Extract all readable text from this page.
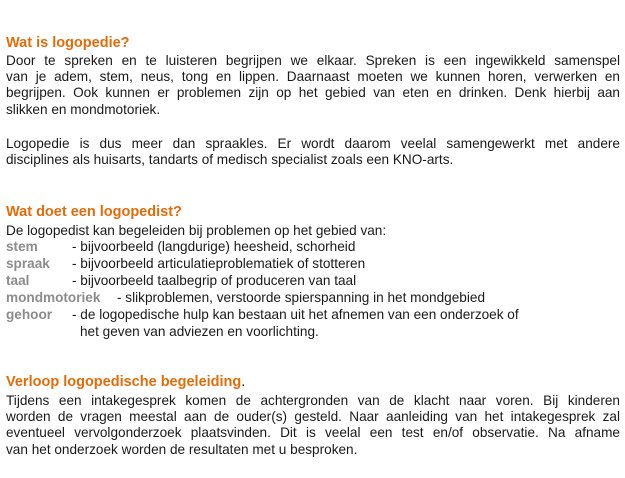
Wat is logopedie?
Door te spreken en te luisteren begrijpen we elkaar. Spreken is een ingewikkeld samenspel
van je adem, stem, neus, tong en lippen. Daarnaast moeten we kunnen horen, verwerken en
begrijpen. Ook kunnen er problemen zijn op het gebied van eten en drinken. Denk hierbij aan
slikken en mondmotoriek.
Logopedie is dus meer dan spraakles. Er wordt daarom veelal samengewerkt met andere
disciplines als huisarts, tandarts of medisch specialist zoals een KNO-arts.
Wat doet een logopedist?

De logopedist kan begeleiden bij problemen op het gebied van:

stem	- bijvoorbeeld (langdurige) heesheid, schorheid
spraak - bijvoorbeeld articulatieproblematiek of stotteren
taal	- bijvoorbeeld taalbegrip of produceren van taal
mondmotoriek - slikproblemen, verstoorde spierspanning in het mondgebied
gehoor - de logopedische hulp kan bestaan uit het afnemen van een onderzoek of
het geven van adviezen en voorlichting.
Verloop logopedische begeleiding.
Tijdens een intakegesprek komen de achtergronden van de klacht naar voren. Bij kinderen
worden de vragen meestal aan de ouder(s) gesteld. Naar aanleiding van het intakegesprek zal
eventueel vervolgonderzoek plaatsvinden. Dit is veelal een test en/of observatie. Na afname
van het onderzoek worden de resultaten met u besproken.
